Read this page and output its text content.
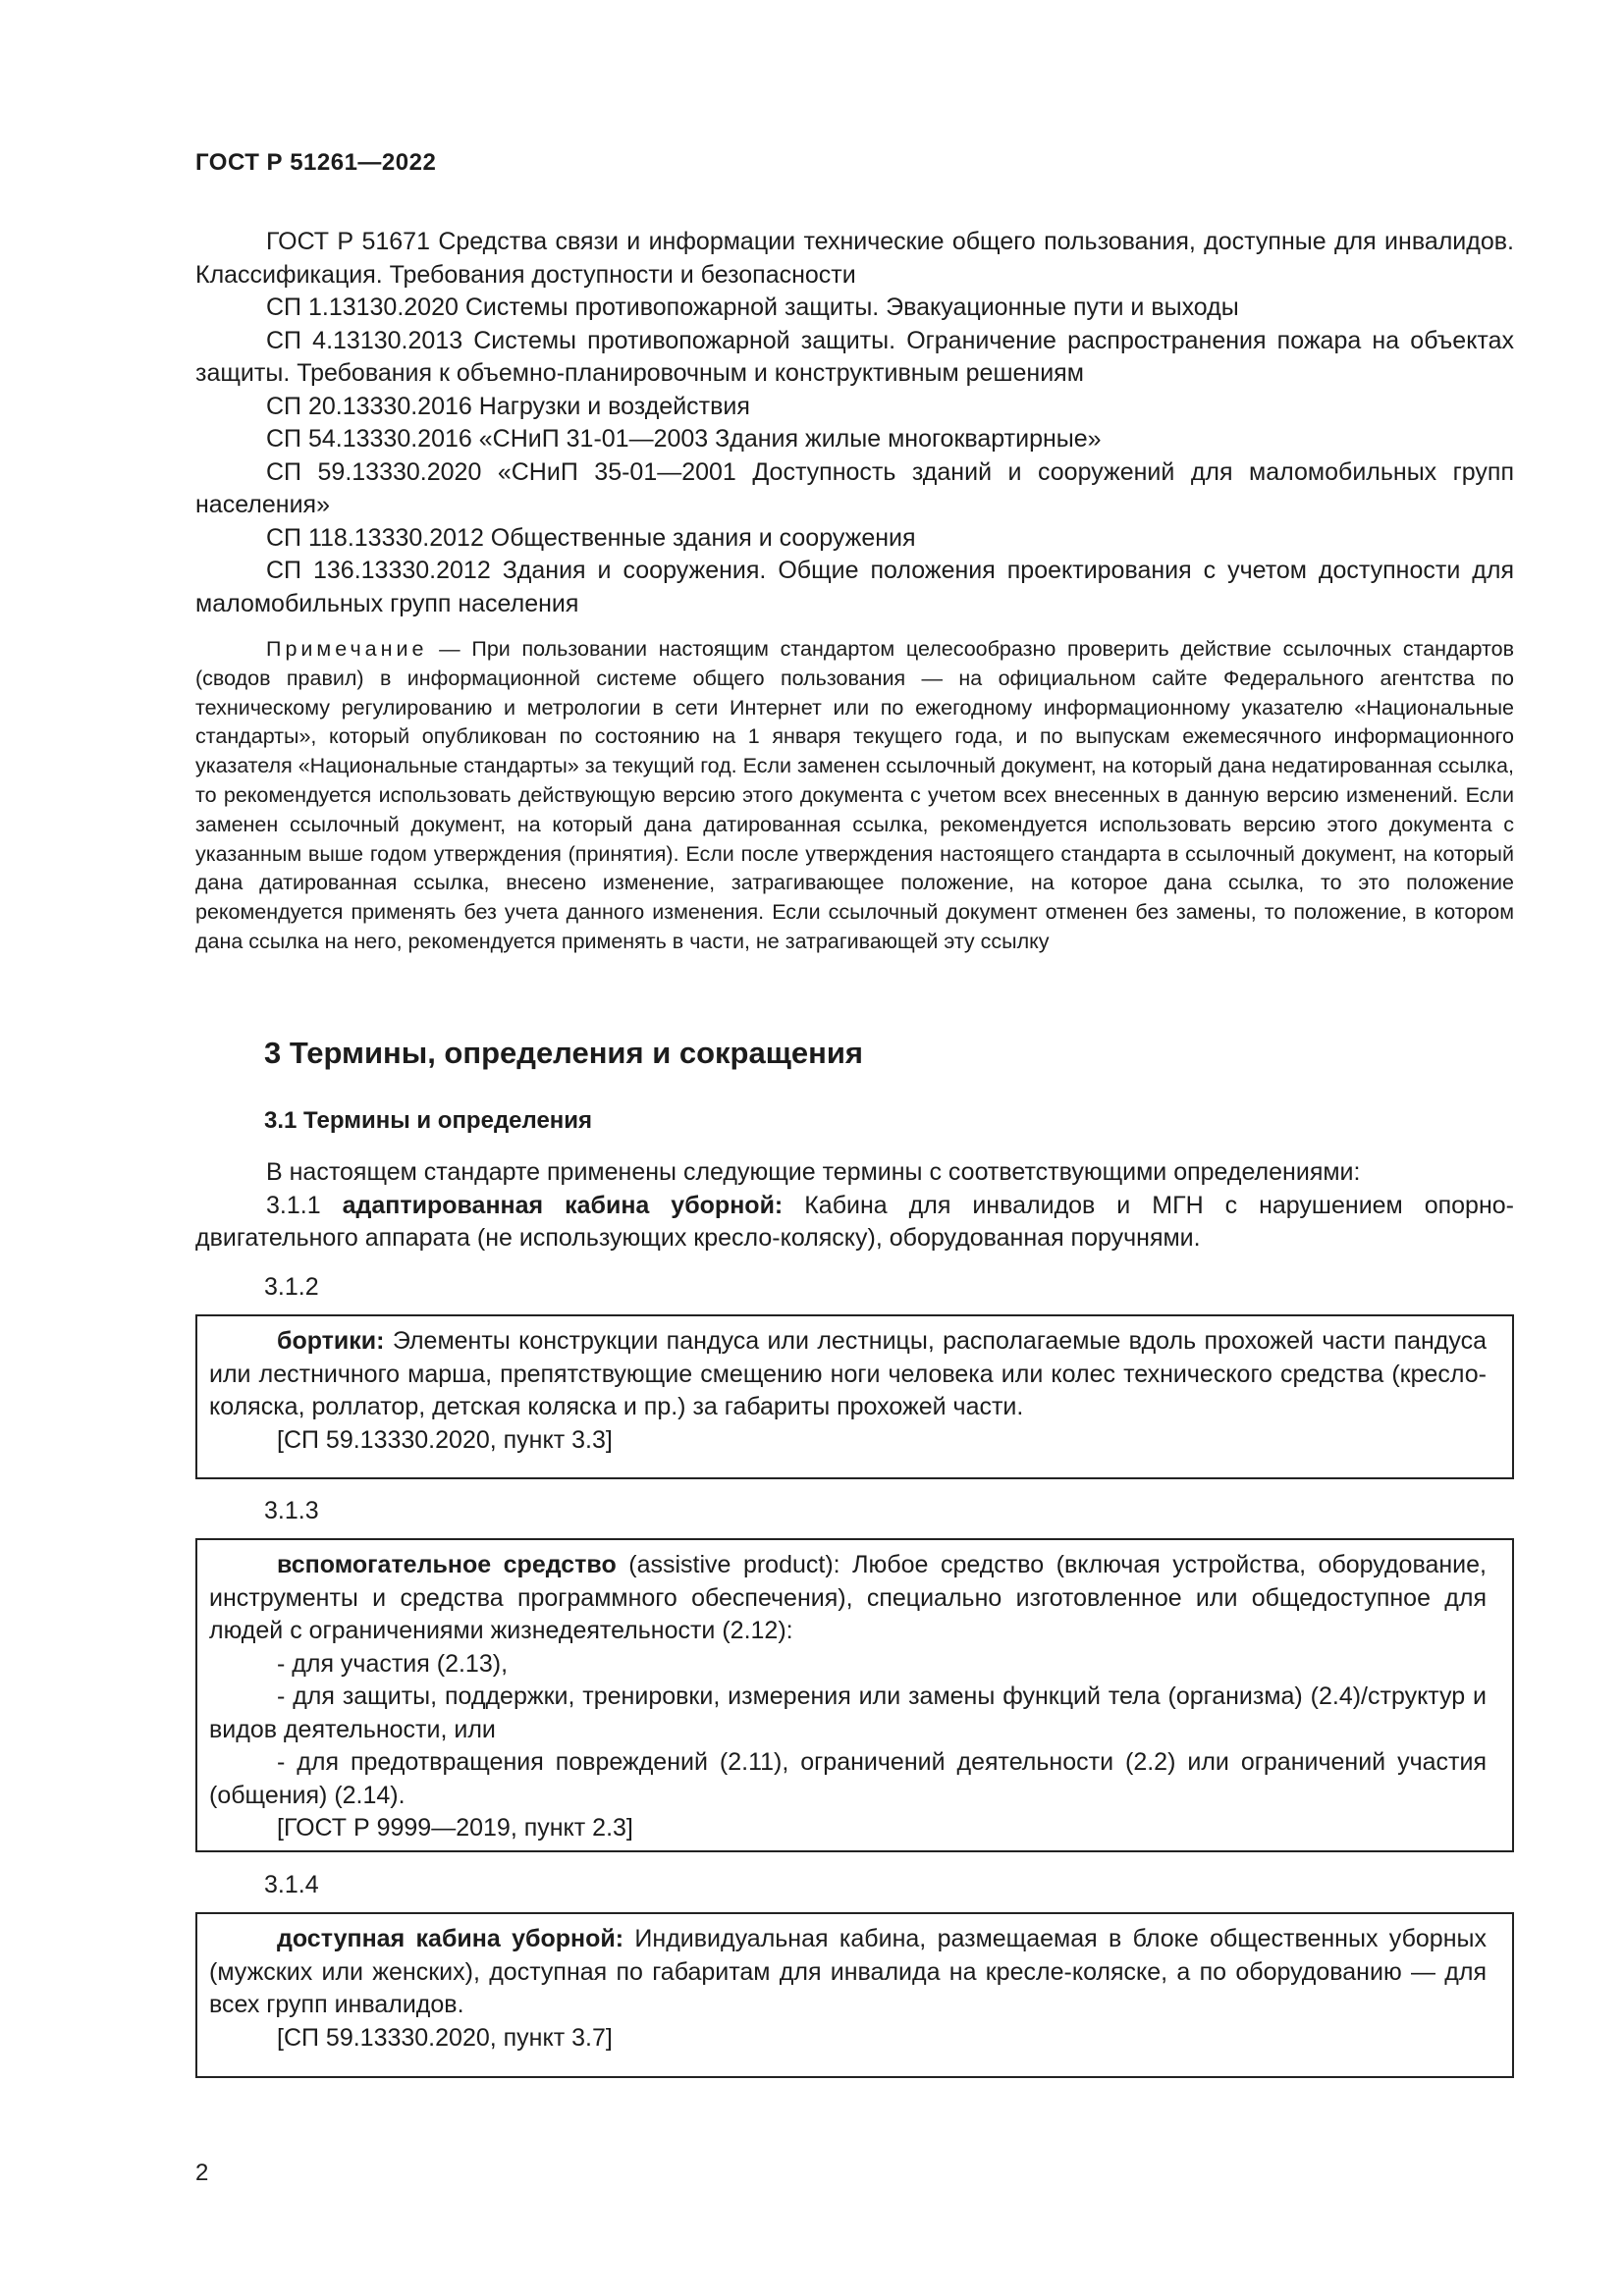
ГОСТ Р 51261—2022

ГОСТ Р 51671 Средства связи и информации технические общего пользования, доступные для инвалидов. Классификация. Требования доступности и безопасности

СП 1.13130.2020 Системы противопожарной защиты. Эвакуационные пути и выходы

СП 4.13130.2013 Системы противопожарной защиты. Ограничение распространения пожара на объектах защиты. Требования к объемно-планировочным и конструктивным решениям

СП 20.13330.2016 Нагрузки и воздействия

СП 54.13330.2016 «СНиП 31-01—2003 Здания жилые многоквартирные»

СП 59.13330.2020 «СНиП 35-01—2001 Доступность зданий и сооружений для маломобильных групп населения»

СП 118.13330.2012 Общественные здания и сооружения

СП 136.13330.2012 Здания и сооружения. Общие положения проектирования с учетом доступности для маломобильных групп населения

Примечание — При пользовании настоящим стандартом целесообразно проверить действие ссылочных стандартов (сводов правил) в информационной системе общего пользования — на официальном сайте Федерального агентства по техническому регулированию и метрологии в сети Интернет или по ежегодному информационному указателю «Национальные стандарты», который опубликован по состоянию на 1 января текущего года, и по выпускам ежемесячного информационного указателя «Национальные стандарты» за текущий год. Если заменен ссылочный документ, на который дана недатированная ссылка, то рекомендуется использовать действующую версию этого документа с учетом всех внесенных в данную версию изменений. Если заменен ссылочный документ, на который дана датированная ссылка, рекомендуется использовать версию этого документа с указанным выше годом утверждения (принятия). Если после утверждения настоящего стандарта в ссылочный документ, на который дана датированная ссылка, внесено изменение, затрагивающее положение, на которое дана ссылка, то это положение рекомендуется применять без учета данного изменения. Если ссылочный документ отменен без замены, то положение, в котором дана ссылка на него, рекомендуется применять в части, не затрагивающей эту ссылку

3 Термины, определения и сокращения
3.1 Термины и определения

В настоящем стандарте применены следующие термины с соответствующими определениями:

3.1.1 адаптированная кабина уборной: Кабина для инвалидов и МГН с нарушением опорно-двигательного аппарата (не использующих кресло-коляску), оборудованная поручнями.

3.1.2

бортики: Элементы конструкции пандуса или лестницы, располагаемые вдоль прохожей части пандуса или лестничного марша, препятствующие смещению ноги человека или колес технического средства (кресло-коляска, роллатор, детская коляска и пр.) за габариты прохожей части.

[СП 59.13330.2020, пункт 3.3]

3.1.3

вспомогательное средство (assistive product): Любое средство (включая устройства, оборудование, инструменты и средства программного обеспечения), специально изготовленное или общедоступное для людей с ограничениями жизнедеятельности (2.12):

- для участия (2.13),

- для защиты, поддержки, тренировки, измерения или замены функций тела (организма) (2.4)/структур и видов деятельности, или

- для предотвращения повреждений (2.11), ограничений деятельности (2.2) или ограничений участия (общения) (2.14).

[ГОСТ Р 9999—2019, пункт 2.3]

3.1.4

доступная кабина уборной: Индивидуальная кабина, размещаемая в блоке общественных уборных (мужских или женских), доступная по габаритам для инвалида на кресле-коляске, а по оборудованию — для всех групп инвалидов.

[СП 59.13330.2020, пункт 3.7]

2
